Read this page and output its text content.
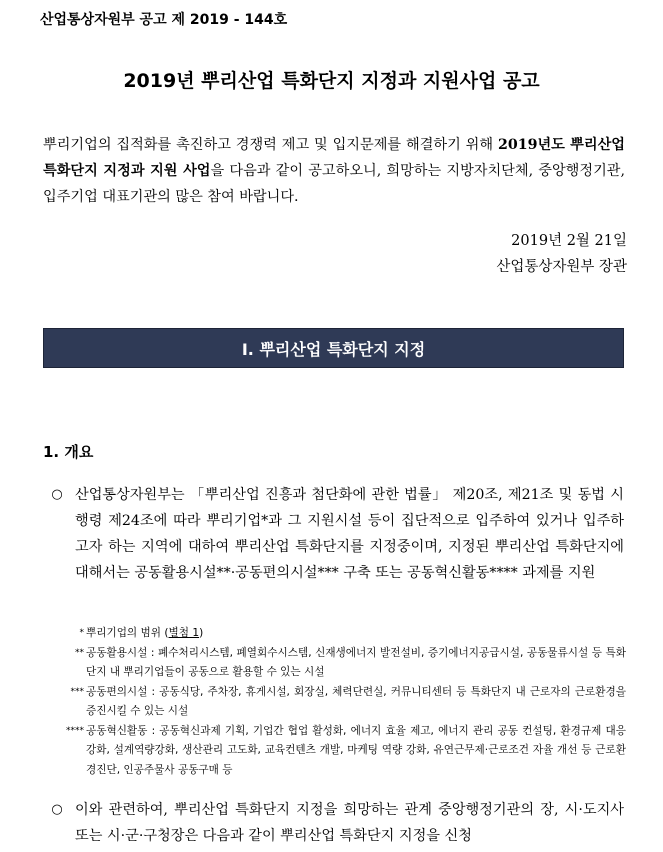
산업통상자원부 공고 제 2019 - 144호
2019년 뿌리산업 특화단지 지정과 지원사업 공고
뿌리기업의 집적화를 촉진하고 경쟁력 제고 및 입지문제를 해결하기 위해 2019년도 뿌리산업 특화단지 지정과 지원 사업을 다음과 같이 공고하오니, 희망하는 지방자치단체, 중앙행정기관, 입주기업 대표기관의 많은 참여 바랍니다.
2019년 2월 21일
산업통상자원부 장관
I. 뿌리산업 특화단지 지정
1. 개요
○ 산업통상자원부는 「뿌리산업 진흥과 첨단화에 관한 법률」 제20조, 제21조 및 동법 시행령 제24조에 따라 뿌리기업*과 그 지원시설 등이 집단적으로 입주하여 있거나 입주하고자 하는 지역에 대하여 뿌리산업 특화단지를 지정중이며, 지정된 뿌리산업 특화단지에 대해서는 공동활용시설**·공동편의시설*** 구축 또는 공동혁신활동**** 과제를 지원
* 뿌리기업의 범위 (별첨 1)
** 공동활용시설 : 폐수처리시스템, 폐열회수시스템, 신재생에너지 발전설비, 증기에너지공급시설, 공동물류시설 등 특화단지 내 뿌리기업들이 공동으로 활용할 수 있는 시설
*** 공동편의시설 : 공동식당, 주차장, 휴게시설, 회장실, 체력단련실, 커뮤니티센터 등 특화단지 내 근로자의 근로환경을 증진시킬 수 있는 시설
**** 공동혁신활동 : 공동혁신과제 기획, 기업간 협업 활성화, 에너지 효율 제고, 에너지 관리 공동 컨설팅, 환경규제 대응 강화, 설계역량강화, 생산관리 고도화, 교육컨텐츠 개발, 마케팅 역량 강화, 유연근무제·근로조건 자율 개선 등 근로환경진단, 인공주물사 공동구매 등
○ 이와 관련하여, 뿌리산업 특화단지 지정을 희망하는 관계 중앙행정기관의 장, 시·도지사 또는 시·군·구청장은 다음과 같이 뿌리산업 특화단지 지정을 신청
